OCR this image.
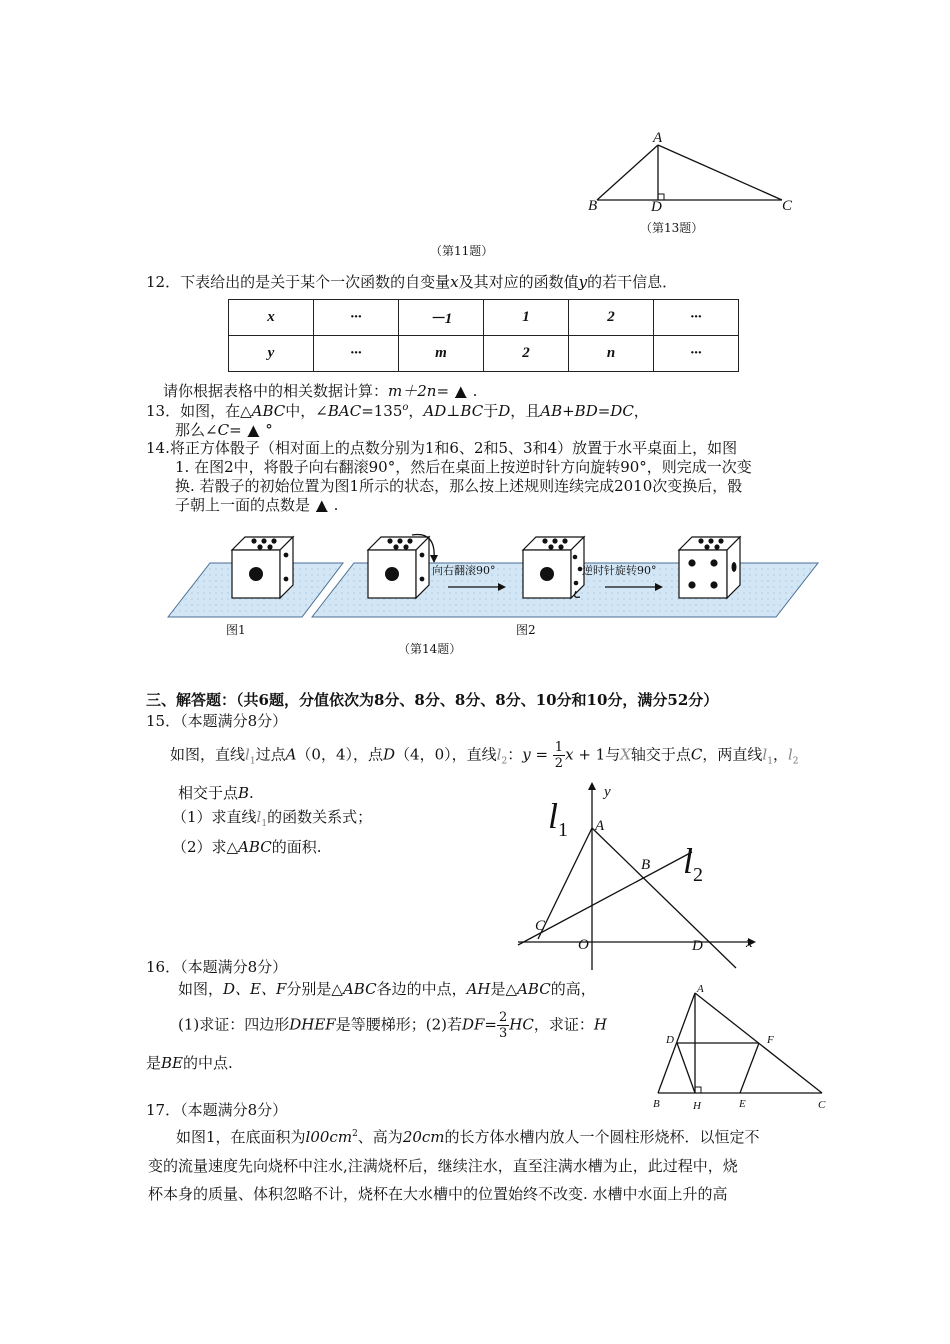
A
B	D	C
（第13题）
（第11题）
12．下表给出的是关于某个一次函数的自变量x及其对应的函数值y的若干信息．
x	···	－1	1	2	···
y	···	m	2	n	···
请你根据表格中的相关数据计算：m＋2n= ▲ .
13．如图，在△ABC中，$\angle BAC=135^o$，AD⊥BC于D，且AB+BD=DC，
那么∠C= ▲ °
14.将正方体骰子（相对面上的点数分别为1和6、2和5、3和4）放置于水平桌面上，如图
1. 在图2中，将骰子向右翻滚90°，然后在桌面上按逆时针方向旋转90°，则完成一次变
换. 若骰子的初始位置为图1所示的状态，那么按上述规则连续完成2010次变换后，骰
子朝上一面的点数是 ▲ .
向右翻滚90°	逆时针旋转90°
图1	图2
（第14题）
三、解答题：（共6题，分值依次为8分、8分、8分、8分、10分和10分，满分52分）
15．（本题满分8分）
如图，直线$l_1$过点A（0，4），点D（4，0），直线$l_2$：$y = \frac{1}{2}$ x + 1与X轴交于点C，两直线$l_1$，$l_2$
相交于点B.
（1）求直线$l_1$的函数关系式；
（2）求△ABC的面积.
$l_1$
$l_2$
y
A
B
C
O	D	x
16．（本题满分8分）
如图，D、E、F分别是△ABC各边的中点，AH是△ABC的高，
(1)求证：四边形DHEF是等腰梯形；(2)若$DF= \frac{2}{3}$ HC，求证：H
是BE的中点.
A
D	F
B	H	E	C
17．（本题满分8分）
如图1，在底面积为$l00cm^2$、高为20cm的长方体水槽内放人一个圆柱形烧杯．以恒定不
变的流量速度先向烧杯中注水,注满烧杯后，继续注水，直至注满水槽为止，此过程中，烧
杯本身的质量、体积忽略不计，烧杯在大水槽中的位置始终不改变. 水槽中水面上升的高
